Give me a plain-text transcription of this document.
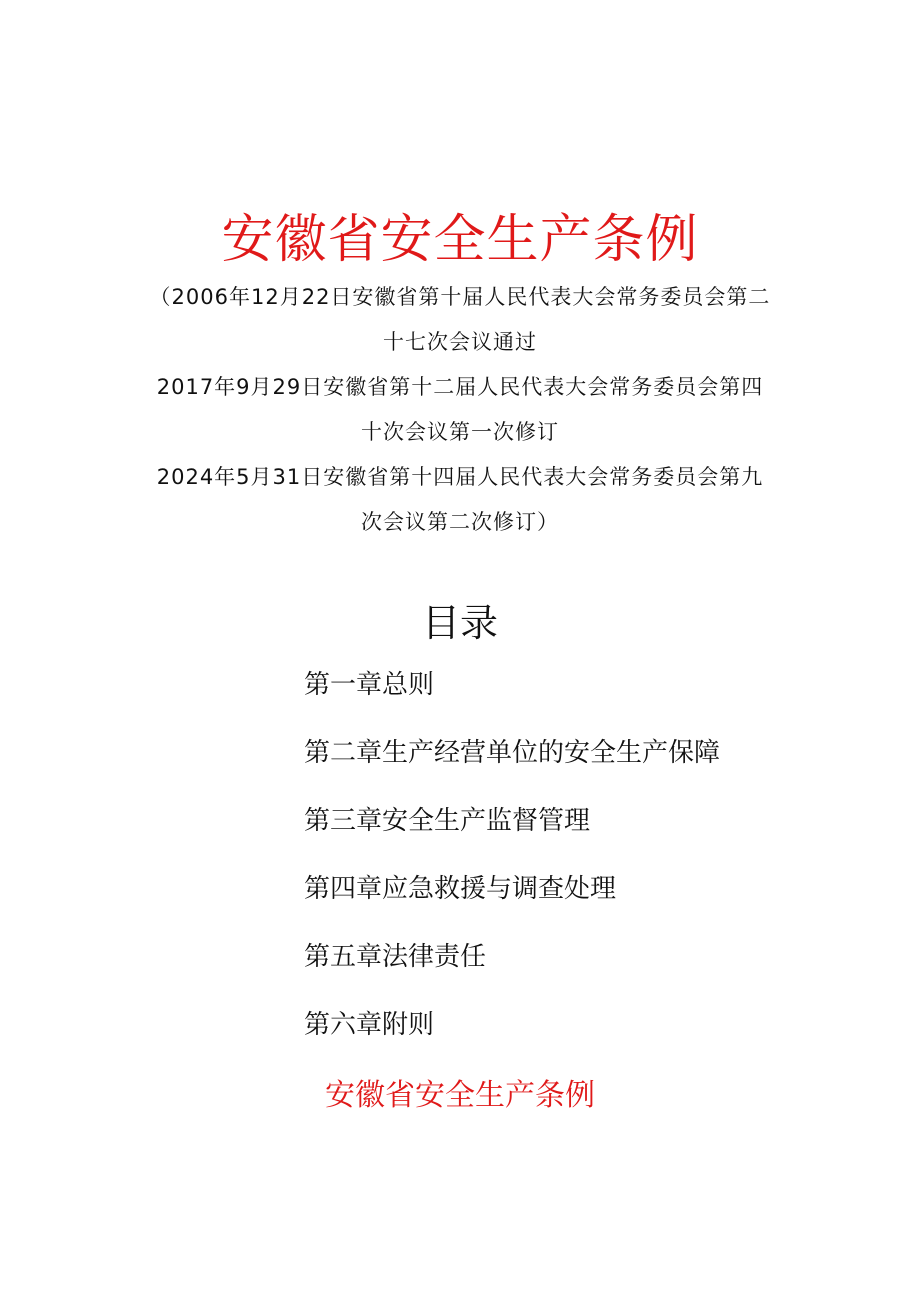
安徽省安全生产条例
（2006年12月22日安徽省第十届人民代表大会常务委员会第二
十七次会议通过
2017年9月29日安徽省第十二届人民代表大会常务委员会第四
十次会议第一次修订
2024年5月31日安徽省第十四届人民代表大会常务委员会第九
次会议第二次修订）
目录
第一章总则
第二章生产经营单位的安全生产保障
第三章安全生产监督管理
第四章应急救援与调查处理
第五章法律责任
第六章附则
安徽省安全生产条例
